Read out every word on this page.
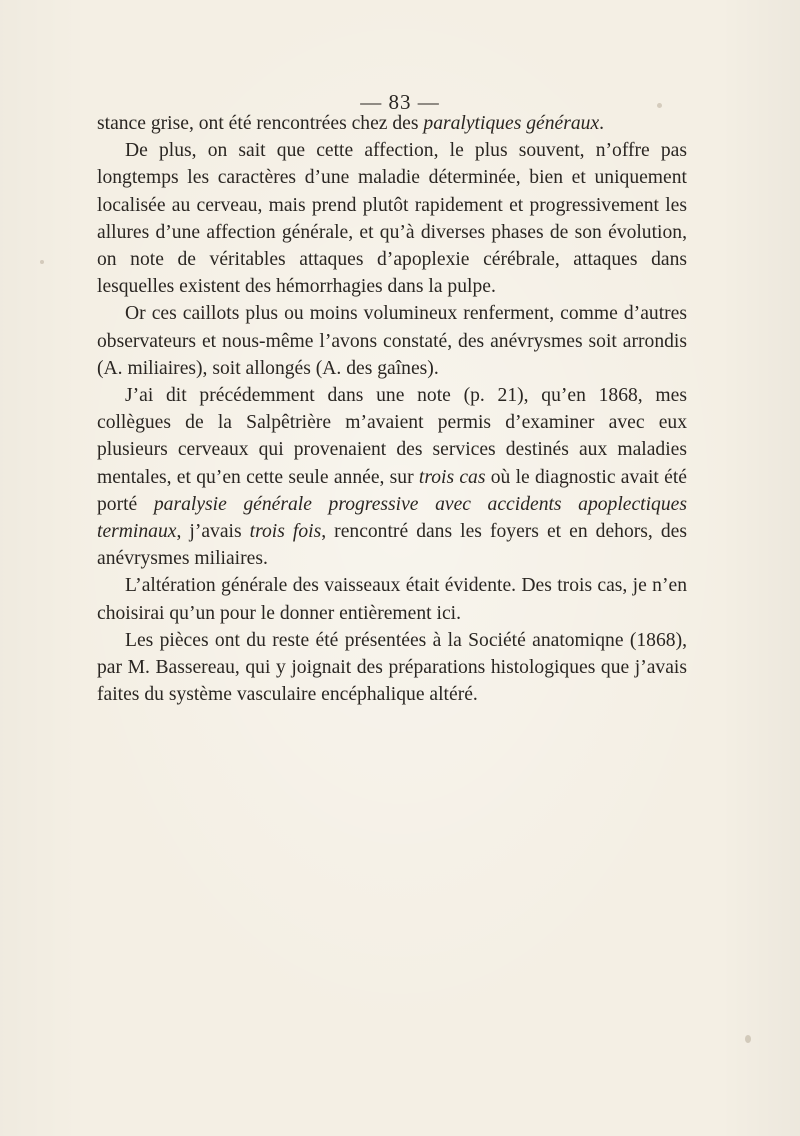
— 83 —

stance grise, ont été rencontrées chez des paralytiques généraux.

De plus, on sait que cette affection, le plus souvent, n’offre pas longtemps les caractères d’une maladie déterminée, bien et uniquement localisée au cerveau, mais prend plutôt rapidement et progressivement les allures d’une affection générale, et qu’à diverses phases de son évolution, on note de véritables attaques d’apoplexie cérébrale, attaques dans lesquelles existent des hémorrhagies dans la pulpe.

Or ces caillots plus ou moins volumineux renferment, comme d’autres observateurs et nous-même l’avons constaté, des anévrysmes soit arrondis (A. miliaires), soit allongés (A. des gaînes).

J’ai dit précédemment dans une note (p. 21), qu’en 1868, mes collègues de la Salpêtrière m’avaient permis d’examiner avec eux plusieurs cerveaux qui provenaient des services destinés aux maladies mentales, et qu’en cette seule année, sur trois cas où le diagnostic avait été porté paralysie générale progressive avec accidents apoplectiques terminaux, j’avais trois fois, rencontré dans les foyers et en dehors, des anévrysmes miliaires.

L’altération générale des vaisseaux était évidente. Des trois cas, je n’en choisirai qu’un pour le donner entièrement ici.

Les pièces ont du reste été présentées à la Société anatomiqne (1868), par M. Bassereau, qui y joignait des préparations histologiques que j’avais faites du système vasculaire encéphalique altéré.
